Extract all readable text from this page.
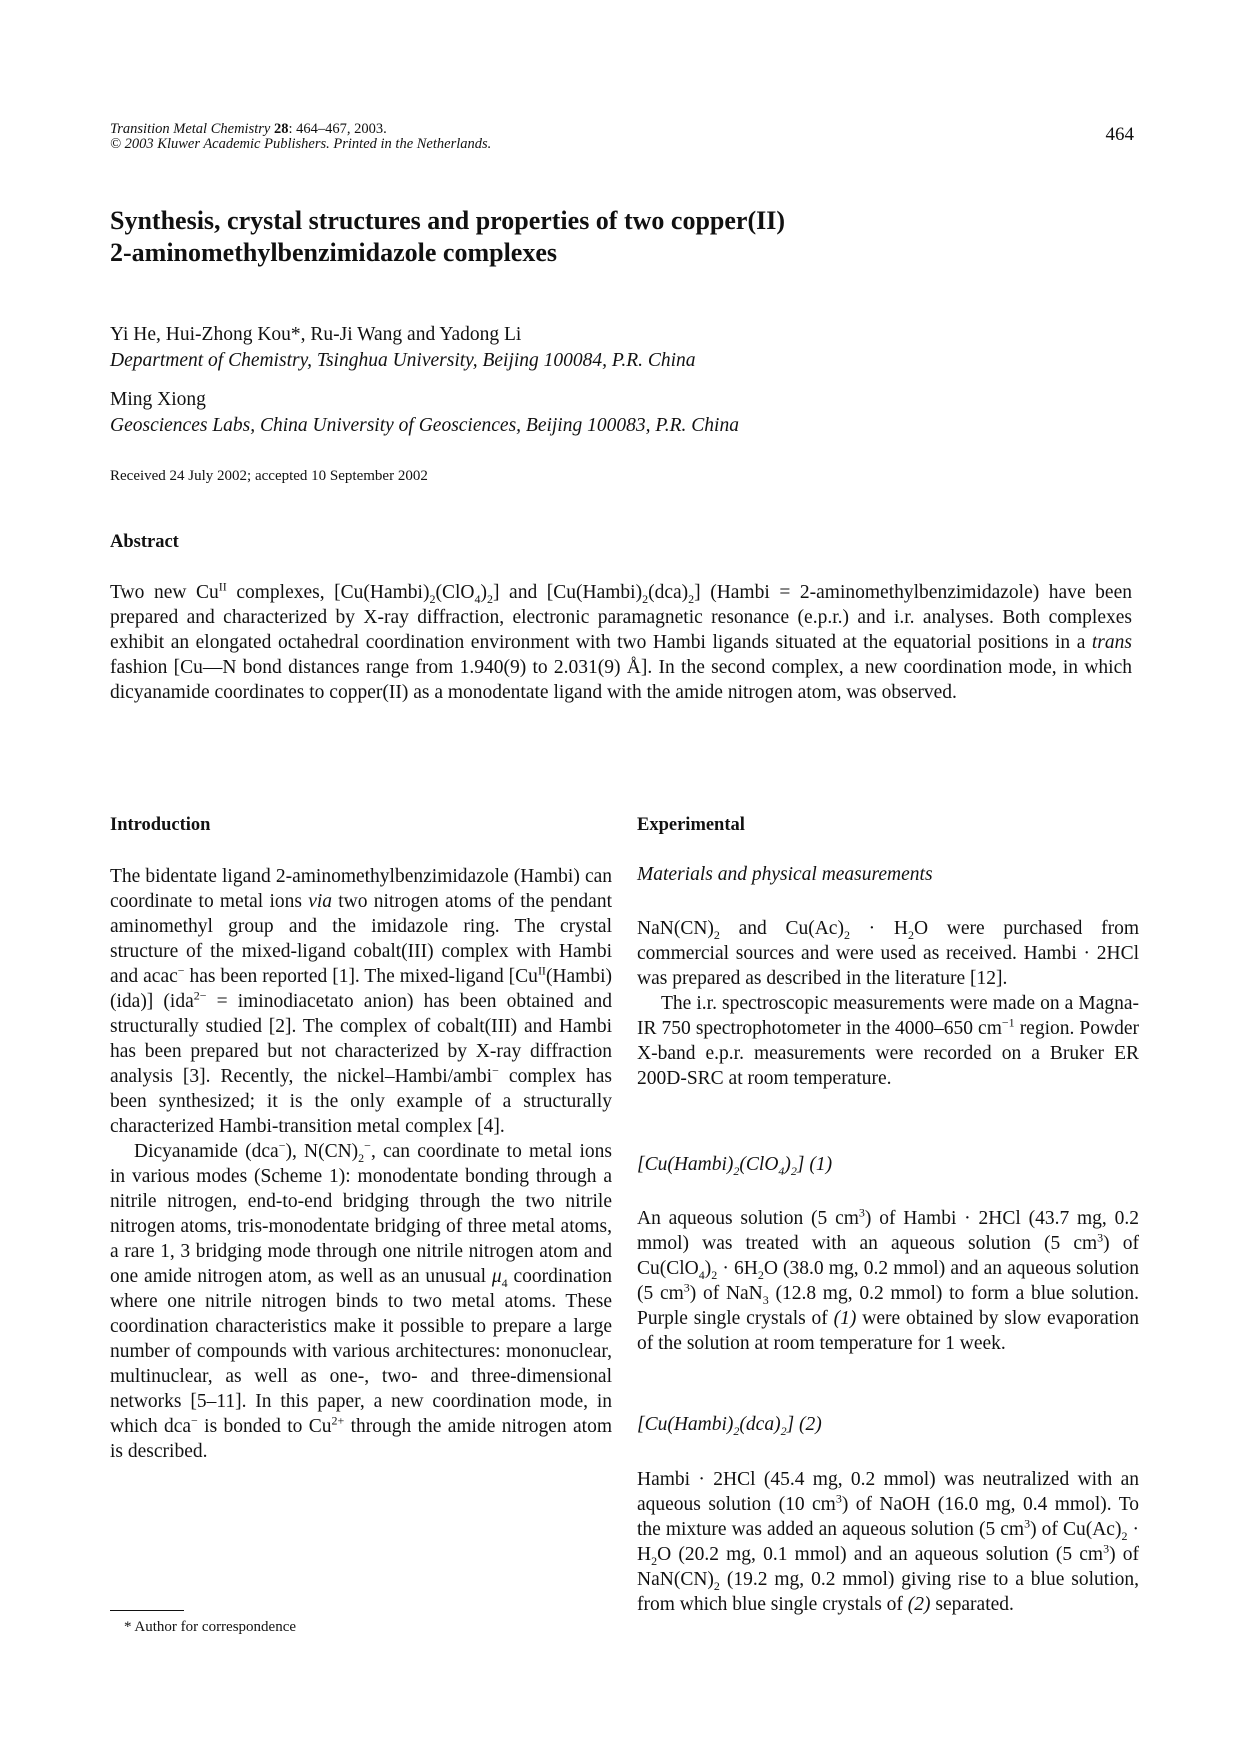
Transition Metal Chemistry 28: 464–467, 2003.
© 2003 Kluwer Academic Publishers. Printed in the Netherlands.	464
Synthesis, crystal structures and properties of two copper(II)
2-aminomethylbenzimidazole complexes
Yi He, Hui-Zhong Kou*, Ru-Ji Wang and Yadong Li
Department of Chemistry, Tsinghua University, Beijing 100084, P.R. China
Ming Xiong
Geosciences Labs, China University of Geosciences, Beijing 100083, P.R. China
Received 24 July 2002; accepted 10 September 2002
Abstract

Two new $Cu^{II}$ complexes, $[Cu(Hambi)_2(ClO_4)_2]$ and $[Cu(Hambi)_2(dca)_2]$ (Hambi = 2-aminomethylbenzimidazole) have been prepared and characterized by X-ray diffraction, electronic paramagnetic resonance (e.p.r.) and i.r. analyses. Both complexes exhibit an elongated octahedral coordination environment with two Hambi ligands situated at the equatorial positions in a trans fashion [Cu—N bond distances range from 1.940(9) to 2.031(9) Å]. In the second complex, a new coordination mode, in which dicyanamide coordinates to copper(II) as a monodentate ligand with the amide nitrogen atom, was observed.

Introduction

The bidentate ligand 2-aminomethylbenzimidazole (Hambi) can coordinate to metal ions via two nitrogen atoms of the pendant aminomethyl group and the imidazole ring. The crystal structure of the mixed-ligand cobalt(III) complex with Hambi and acac− has been reported [1]. The mixed-ligand $[Cu^{II}(Hambi)(ida)] (ida^{2-}$ = iminodiacetato anion) has been obtained and structurally studied [2]. The complex of cobalt(III) and Hambi has been prepared but not characterized by X-ray diffraction analysis [3]. Recently, the nickel–Hambi/ambi− complex has been synthesized; it is the only example of a structurally characterized Hambi-transition metal complex [4].

Dicyanamide (dca−), $N(CN)_2^-$, can coordinate to metal ions in various modes (Scheme 1): monodentate bonding through a nitrile nitrogen, end-to-end bridging through the two nitrile nitrogen atoms, tris-monodentate bridging of three metal atoms, a rare 1, 3 bridging mode through one nitrile nitrogen atom and one amide nitrogen atom, as well as an unusual $\mu_4$ coordination where one nitrile nitrogen binds to two metal atoms. These coordination characteristics make it possible to prepare a large number of compounds with various architectures: mononuclear, multinuclear, as well as one-, two- and three-dimensional networks [5–11]. In this paper, a new coordination mode, in which dca− is bonded to $Cu^{2+}$ through the amide nitrogen atom is described.

* Author for correspondence
Experimental

Materials and physical measurements

$NaN(CN)_2$ and $Cu(Ac)_2 \cdot H_2O$ were purchased from commercial sources and were used as received. Hambi · 2HCl was prepared as described in the literature [12].

The i.r. spectroscopic measurements were made on a Magna-IR 750 spectrophotometer in the 4000–650 $cm^{-1}$ region. Powder X-band e.p.r. measurements were recorded on a Bruker ER 200D-SRC at room temperature.

$[Cu(Hambi)_2(ClO_4)_2]$ (1)

An aqueous solution (5 $cm^3$) of Hambi · 2HCl (43.7 mg, 0.2 mmol) was treated with an aqueous solution (5 $cm^3$) of $Cu(ClO_4)_2 \cdot 6H_2O$ (38.0 mg, 0.2 mmol) and an aqueous solution (5 $cm^3$) of NaN$_3$ (12.8 mg, 0.2 mmol) to form a blue solution. Purple single crystals of (1) were obtained by slow evaporation of the solution at room temperature for 1 week.

$[Cu(Hambi)_2(dca)_2]$ (2)

Hambi · 2HCl (45.4 mg, 0.2 mmol) was neutralized with an aqueous solution (10 $cm^3$) of NaOH (16.0 mg, 0.4 mmol). To the mixture was added an aqueous solution (5 $cm^3$) of $Cu(Ac)_2 \cdot H_2O$ (20.2 mg, 0.1 mmol) and an aqueous solution (5 $cm^3$) of $NaN(CN)_2$ (19.2 mg, 0.2 mmol) giving rise to a blue solution, from which blue single crystals of (2) separated.
